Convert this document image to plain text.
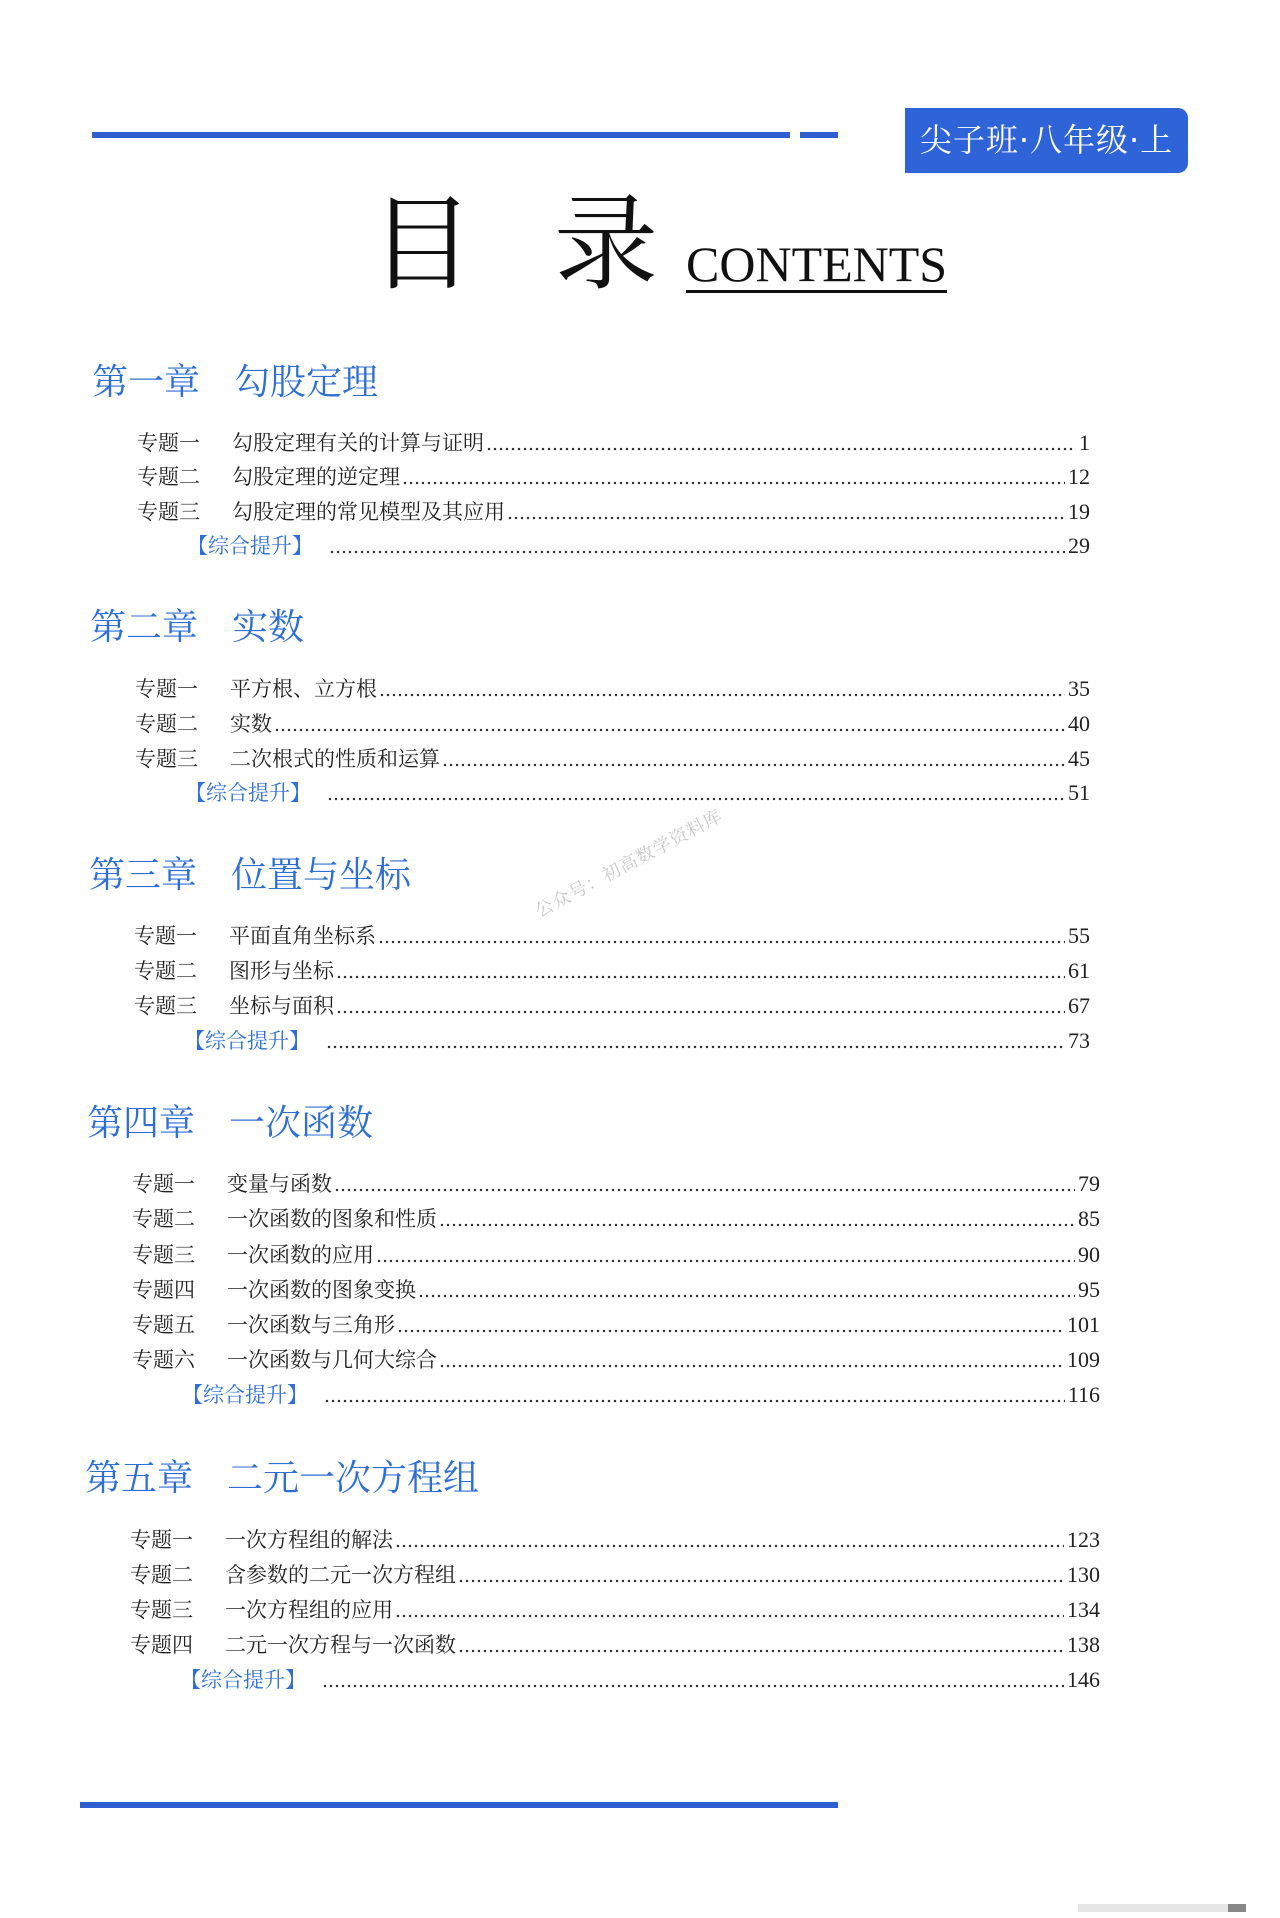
尖子班·八年级·上册
目 录 CONTENTS
第一章 勾股定理
专题一	勾股定理有关的计算与证明	1
专题二	勾股定理的逆定理	12
专题三	勾股定理的常见模型及其应用	19
【综合提升】	29
第二章 实数
专题一	平方根、立方根	35
专题二	实数	40
专题三	二次根式的性质和运算	45
【综合提升】	51
第三章 位置与坐标
专题一	平面直角坐标系	55
专题二	图形与坐标	61
专题三	坐标与面积	67
【综合提升】	73
第四章 一次函数
专题一	变量与函数	79
专题二	一次函数的图象和性质	85
专题三	一次函数的应用	90
专题四	一次函数的图象变换	95
专题五	一次函数与三角形	101
专题六	一次函数与几何大综合	109
【综合提升】	116
第五章 二元一次方程组
专题一	一次方程组的解法	123
专题二	含参数的二元一次方程组	130
专题三	一次方程组的应用	134
专题四	二元一次方程与一次函数	138
【综合提升】	146
公众号：初高数学资料库
